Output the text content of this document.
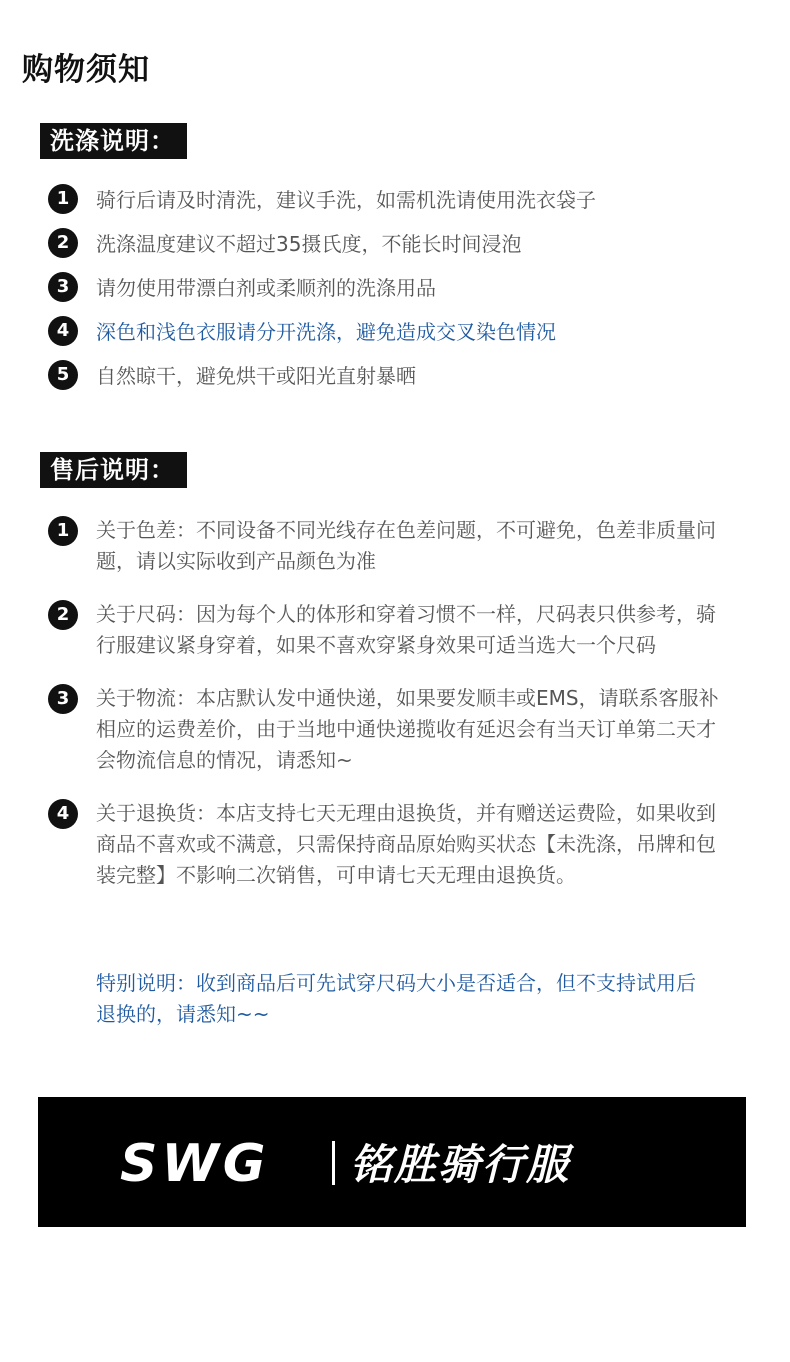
购物须知
洗涤说明：
1	骑行后请及时清洗，建议手洗，如需机洗请使用洗衣袋子
2	洗涤温度建议不超过35摄氏度，不能长时间浸泡
3	请勿使用带漂白剂或柔顺剂的洗涤用品
4	深色和浅色衣服请分开洗涤，避免造成交叉染色情况
5	自然晾干，避免烘干或阳光直射暴晒
售后说明：
1	关于色差：不同设备不同光线存在色差问题，不可避免，色差非质量问题，请以实际收到产品颜色为准
2	关于尺码：因为每个人的体形和穿着习惯不一样，尺码表只供参考，骑行服建议紧身穿着，如果不喜欢穿紧身效果可适当选大一个尺码
3	关于物流：本店默认发中通快递，如果要发顺丰或EMS，请联系客服补相应的运费差价，由于当地中通快递揽收有延迟会有当天订单第二天才会物流信息的情况，请悉知~
4	关于退换货：本店支持七天无理由退换货，并有赠送运费险，如果收到商品不喜欢或不满意，只需保持商品原始购买状态【未洗涤，吊牌和包装完整】不影响二次销售，可申请七天无理由退换货。

特别说明：收到商品后可先试穿尺码大小是否适合，但不支持试用后退换的，请悉知~~

SWG 铭胜骑行服
